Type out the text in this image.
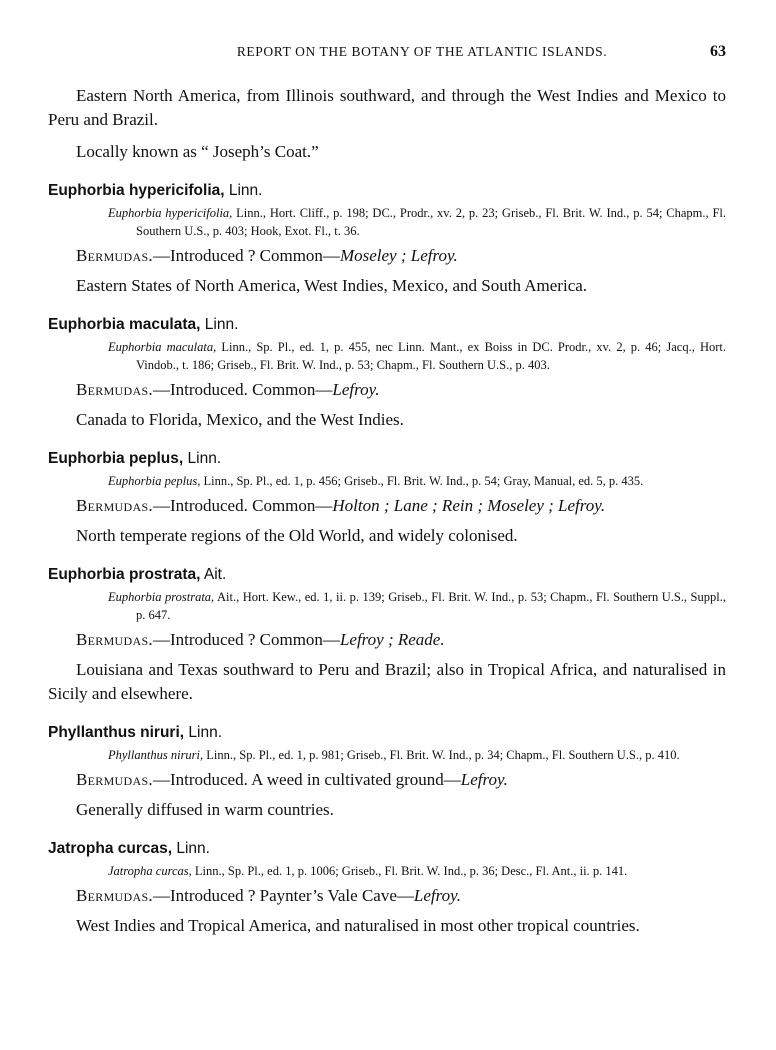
REPORT ON THE BOTANY OF THE ATLANTIC ISLANDS.	63

Eastern North America, from Illinois southward, and through the West Indies and Mexico to Peru and Brazil.

Locally known as “ Joseph’s Coat.”

Euphorbia hypericifolia, Linn.

Euphorbia hypericifolia, Linn., Hort. Cliff., p. 198; DC., Prodr., xv. 2, p. 23; Griseb., Fl. Brit. W. Ind., p. 54; Chapm., Fl. Southern U.S., p. 403; Hook, Exot. Fl., t. 36.

Bermudas.—Introduced ? Common—Moseley ; Lefroy.

Eastern States of North America, West Indies, Mexico, and South America.

Euphorbia maculata, Linn.

Euphorbia maculata, Linn., Sp. Pl., ed. 1, p. 455, nec Linn. Mant., ex Boiss in DC. Prodr., xv. 2, p. 46; Jacq., Hort. Vindob., t. 186; Griseb., Fl. Brit. W. Ind., p. 53; Chapm., Fl. Southern U.S., p. 403.

Bermudas.—Introduced. Common—Lefroy.

Canada to Florida, Mexico, and the West Indies.

Euphorbia peplus, Linn.

Euphorbia peplus, Linn., Sp. Pl., ed. 1, p. 456; Griseb., Fl. Brit. W. Ind., p. 54; Gray, Manual, ed. 5, p. 435.

Bermudas.—Introduced. Common—Holton ; Lane ; Rein ; Moseley ; Lefroy.

North temperate regions of the Old World, and widely colonised.

Euphorbia prostrata, Ait.

Euphorbia prostrata, Ait., Hort. Kew., ed. 1, ii. p. 139; Griseb., Fl. Brit. W. Ind., p. 53; Chapm., Fl. Southern U.S., Suppl., p. 647.

Bermudas.—Introduced ? Common—Lefroy ; Reade.

Louisiana and Texas southward to Peru and Brazil; also in Tropical Africa, and naturalised in Sicily and elsewhere.

Phyllanthus niruri, Linn.

Phyllanthus niruri, Linn., Sp. Pl., ed. 1, p. 981; Griseb., Fl. Brit. W. Ind., p. 34; Chapm., Fl. Southern U.S., p. 410.

Bermudas.—Introduced. A weed in cultivated ground—Lefroy.

Generally diffused in warm countries.

Jatropha curcas, Linn.

Jatropha curcas, Linn., Sp. Pl., ed. 1, p. 1006; Griseb., Fl. Brit. W. Ind., p. 36; Desc., Fl. Ant., ii. p. 141.

Bermudas.—Introduced ? Paynter’s Vale Cave—Lefroy.

West Indies and Tropical America, and naturalised in most other tropical countries.
